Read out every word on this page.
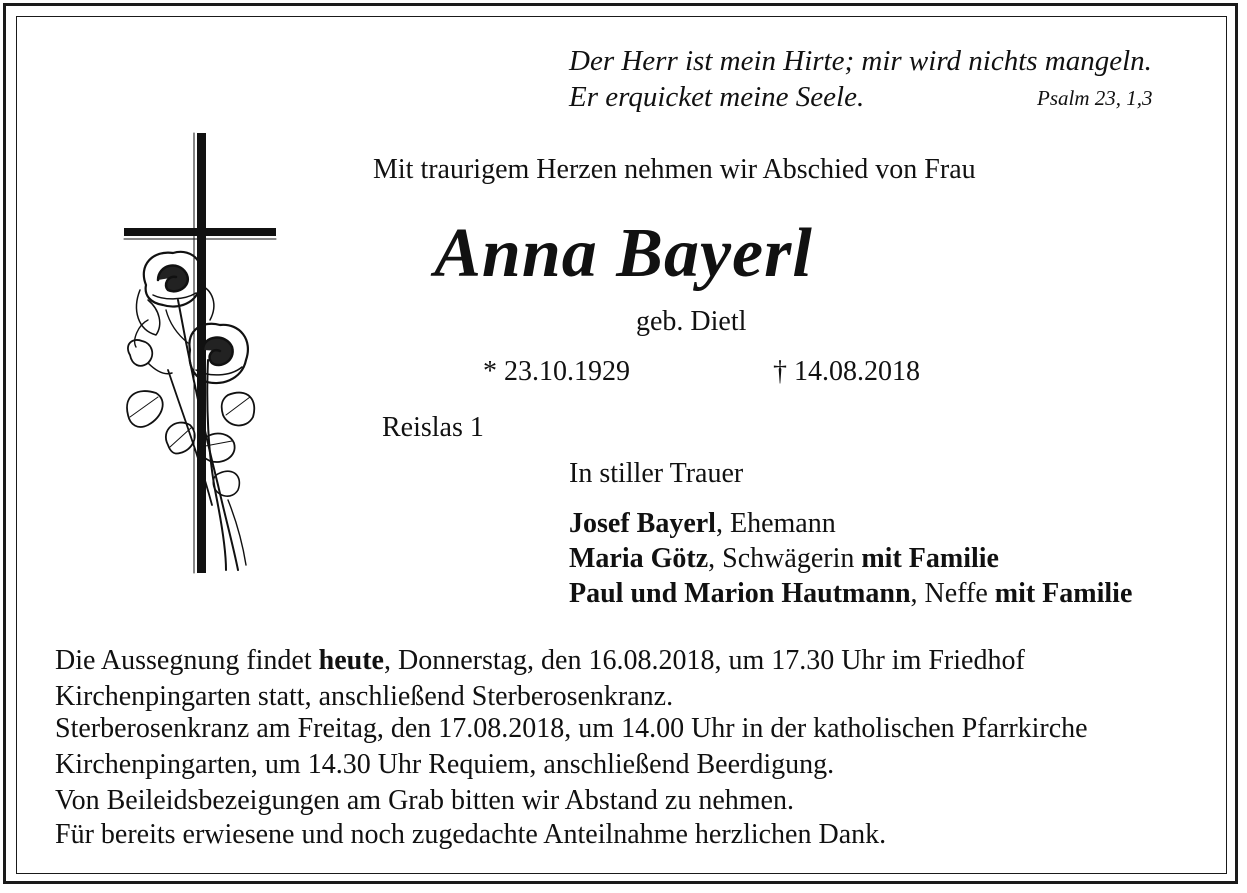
Der Herr ist mein Hirte; mir wird nichts mangeln.
Er erquicket meine Seele.	Psalm 23, 1,3
Mit traurigem Herzen nehmen wir Abschied von Frau
Anna Bayerl
geb. Dietl
* 23.10.1929	† 14.08.2018
Reislas 1
In stiller Trauer
Josef Bayerl, Ehemann
Maria Götz, Schwägerin mit Familie
Paul und Marion Hautmann, Neffe mit Familie
Die Aussegnung findet heute, Donnerstag, den 16.08.2018, um 17.30 Uhr im Friedhof
Kirchenpingarten statt, anschließend Sterberosenkranz.
Sterberosenkranz am Freitag, den 17.08.2018, um 14.00 Uhr in der katholischen Pfarrkirche
Kirchenpingarten, um 14.30 Uhr Requiem, anschließend Beerdigung.
Von Beileidsbezeigungen am Grab bitten wir Abstand zu nehmen.
Für bereits erwiesene und noch zugedachte Anteilnahme herzlichen Dank.
